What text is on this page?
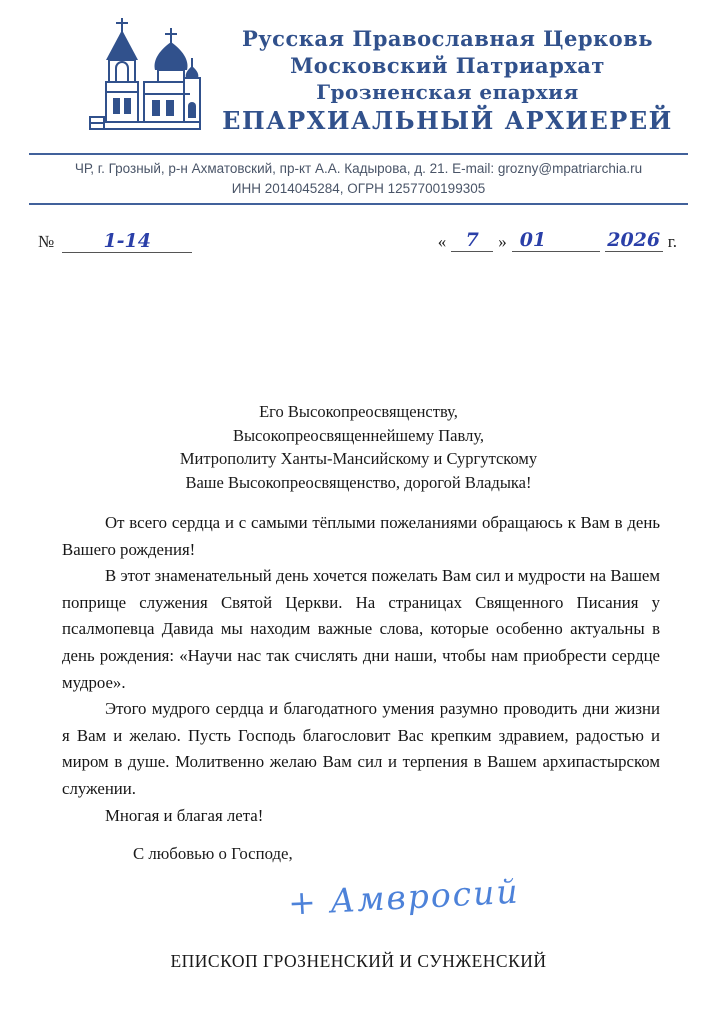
Русская Православная Церковь
Московский Патриархат
Грозненская епархия
ЕПАРХИАЛЬНЫЙ АРХИЕРЕЙ
ЧР, г. Грозный, р-н Ахматовский, пр-кт А.А. Кадырова, д. 21. E-mail: grozny@mpatriarchia.ru
ИНН 2014045284, ОГРН 1257700199305
№	1-14	«	7	» 01	2026 г.
Его Высокопреосвященству,
Высокопреосвященнейшему Павлу,
Митрополиту Ханты-Мансийскому и Сургутскому
Ваше Высокопреосвященство, дорогой Владыка!

От всего сердца и с самыми тёплыми пожеланиями обращаюсь к Вам в день Вашего рождения!

В этот знаменательный день хочется пожелать Вам сил и мудрости на Вашем поприще служения Святой Церкви. На страницах Священного Писания у псалмопевца Давида мы находим важные слова, которые особенно актуальны в день рождения: «Научи нас так счислять дни наши, чтобы нам приобрести сердце мудрое».

Этого мудрого сердца и благодатного умения разумно проводить дни жизни я Вам и желаю. Пусть Господь благословит Вас крепким здравием, радостью и миром в душе. Молитвенно желаю Вам сил и терпения в Вашем архипастырском служении.

Многая и благая лета!

С любовью о Господе,
+ Амвросий
ЕПИСКОП ГРОЗНЕНСКИЙ И СУНЖЕНСКИЙ
